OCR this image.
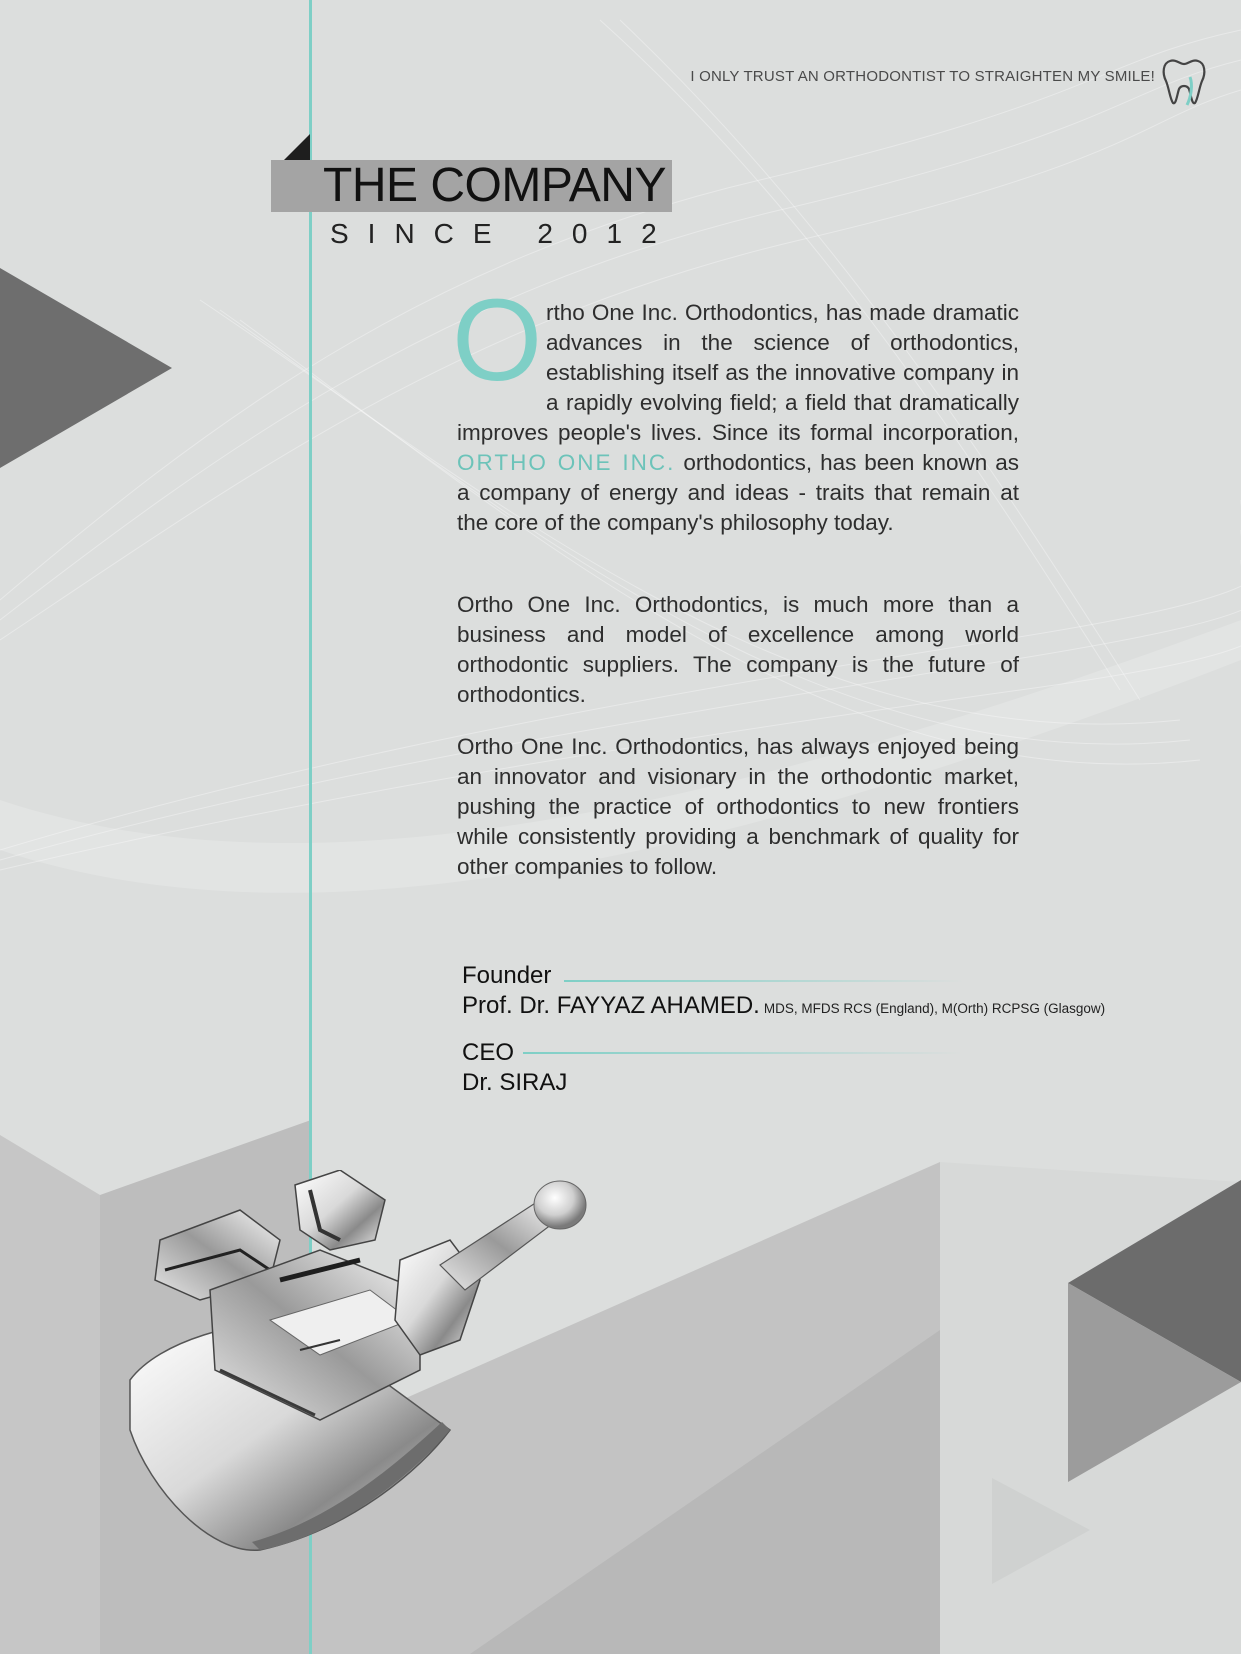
I ONLY TRUST AN ORTHODONTIST TO STRAIGHTEN MY SMILE!
THE COMPANY
SINCE 2012

O rtho One Inc. Orthodontics, has made dramatic advances in the science of orthodontics, establishing itself as the innovative company in a rapidly evolving field; a field that dramatically improves people's lives. Since its formal incorporation, ORTHO ONE INC. orthodontics, has been known as a company of energy and ideas - traits that remain at the core of the company's philosophy today.

Ortho One Inc. Orthodontics, is much more than a business and model of excellence among world orthodontic suppliers. The company is the future of orthodontics.

Ortho One Inc. Orthodontics, has always enjoyed being an innovator and visionary in the orthodontic market, pushing the practice of orthodontics to new frontiers while consistently providing a benchmark of quality for other companies to follow.

Founder
Prof. Dr. FAYYAZ AHAMED. MDS, MFDS RCS (England), M(Orth) RCPSG (Glasgow)
CEO
Dr. SIRAJ
